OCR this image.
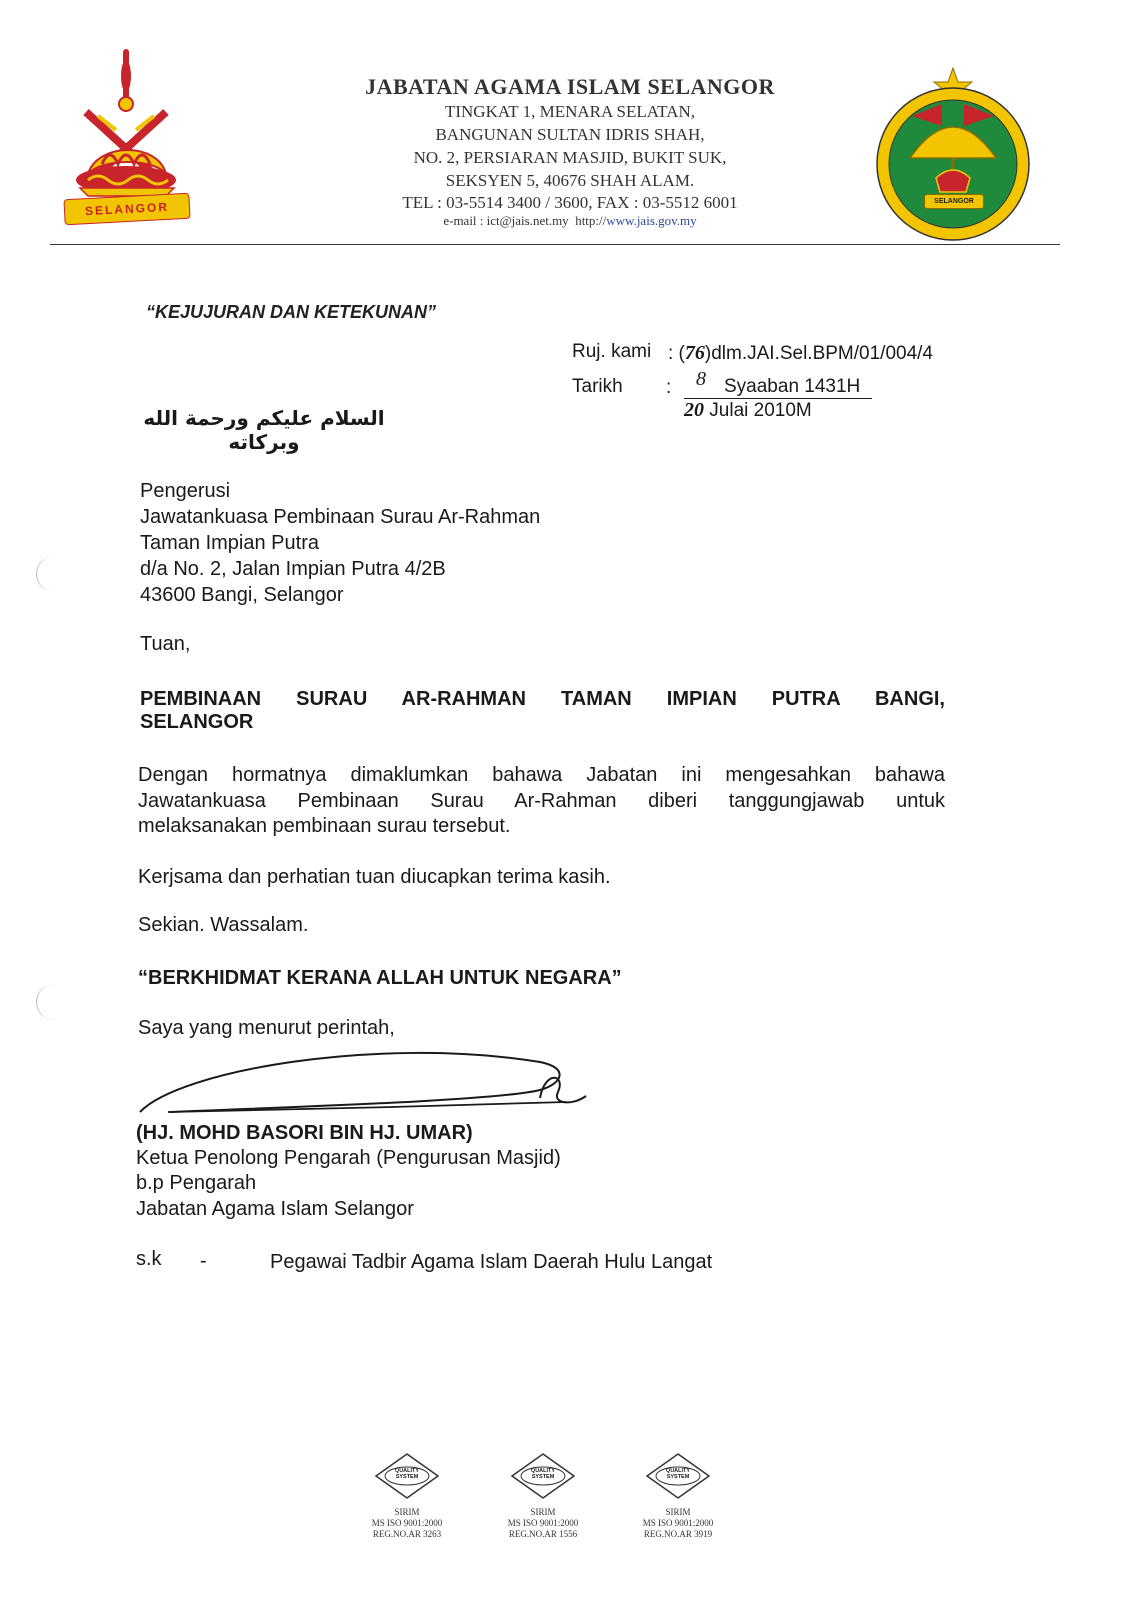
SELANGOR
JABATAN AGAMA ISLAM SELANGOR
TINGKAT 1, MENARA SELATAN,
BANGUNAN SULTAN IDRIS SHAH,
NO. 2, PERSIARAN MASJID, BUKIT SUK,
SEKSYEN 5, 40676 SHAH ALAM.
TEL : 03-5514 3400 / 3600, FAX : 03-5512 6001
e-mail : ict@jais.net.my http://www.jais.gov.my
SELANGOR
“KEJUJURAN DAN KETEKUNAN”
Ruj. kami : (76)dlm.JAI.Sel.BPM/01/004/4
Tarikh : 8 Syaaban 1431H
20 Julai 2010M
السلام عليكم ورحمة الله وبركاته
Pengerusi
Jawatankuasa Pembinaan Surau Ar-Rahman
Taman Impian Putra
d/a No. 2, Jalan Impian Putra 4/2B
43600 Bangi, Selangor
Tuan,
PEMBINAAN SURAU AR-RAHMAN TAMAN IMPIAN PUTRA BANGI,
SELANGOR
Dengan hormatnya dimaklumkan bahawa Jabatan ini mengesahkan bahawa
Jawatankuasa Pembinaan Surau Ar-Rahman diberi tanggungjawab untuk
melaksanakan pembinaan surau tersebut.
Kerjsama dan perhatian tuan diucapkan terima kasih.
Sekian. Wassalam.
“BERKHIDMAT KERANA ALLAH UNTUK NEGARA”
Saya yang menurut perintah,
(HJ. MOHD BASORI BIN HJ. UMAR)
Ketua Penolong Pengarah (Pengurusan Masjid)
b.p Pengarah
Jabatan Agama Islam Selangor
s.k -	Pegawai Tadbir Agama Islam Daerah Hulu Langat
QUALITY SYSTEM
SIRIM
MS ISO 9001:2000
REG.NO.AR 3263
QUALITY SYSTEM
SIRIM
MS ISO 9001:2000
REG.NO.AR 1556
QUALITY SYSTEM
SIRIM
MS ISO 9001:2000
REG.NO.AR 3919
